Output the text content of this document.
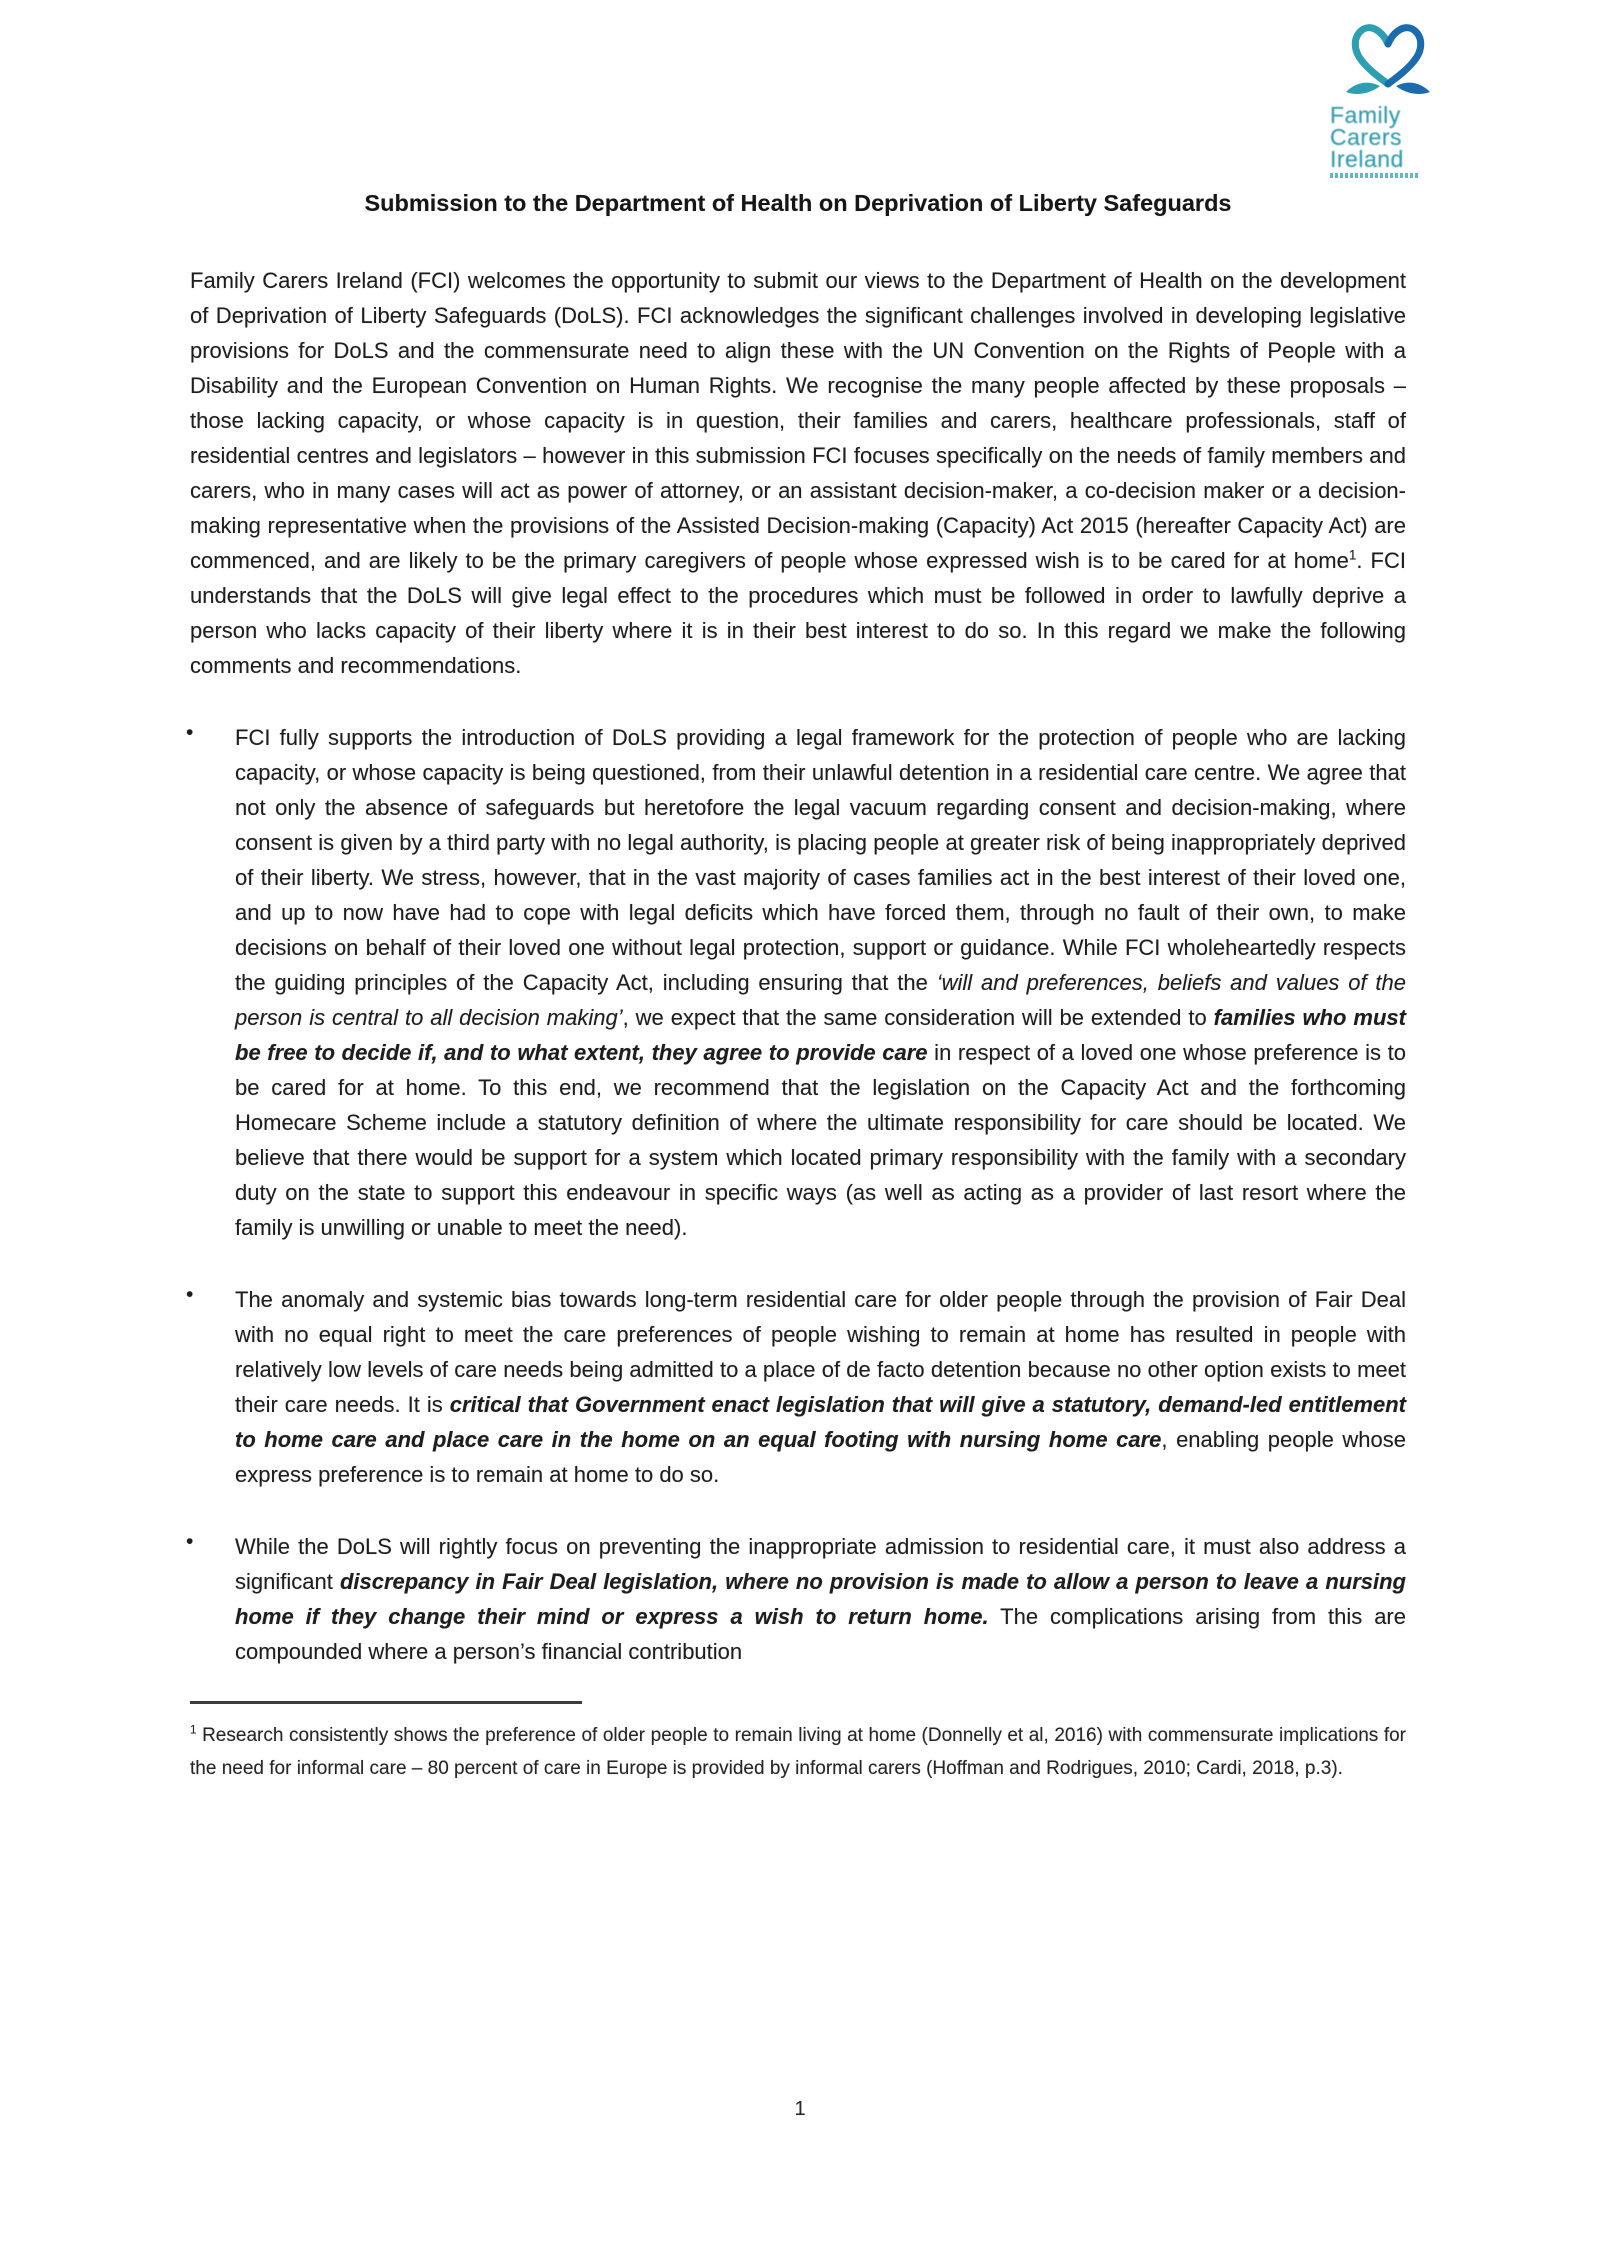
Family
Carers
Ireland
Submission to the Department of Health on Deprivation of Liberty Safeguards

Family Carers Ireland (FCI) welcomes the opportunity to submit our views to the Department of Health on the development of Deprivation of Liberty Safeguards (DoLS). FCI acknowledges the significant challenges involved in developing legislative provisions for DoLS and the commensurate need to align these with the UN Convention on the Rights of People with a Disability and the European Convention on Human Rights. We recognise the many people affected by these proposals – those lacking capacity, or whose capacity is in question, their families and carers, healthcare professionals, staff of residential centres and legislators – however in this submission FCI focuses specifically on the needs of family members and carers, who in many cases will act as power of attorney, or an assistant decision-maker, a co-decision maker or a decision-making representative when the provisions of the Assisted Decision-making (Capacity) Act 2015 (hereafter Capacity Act) are commenced, and are likely to be the primary caregivers of people whose expressed wish is to be cared for at home$^1$. FCI understands that the DoLS will give legal effect to the procedures which must be followed in order to lawfully deprive a person who lacks capacity of their liberty where it is in their best interest to do so. In this regard we make the following comments and recommendations.

• FCI fully supports the introduction of DoLS providing a legal framework for the protection of people who are lacking capacity, or whose capacity is being questioned, from their unlawful detention in a residential care centre. We agree that not only the absence of safeguards but heretofore the legal vacuum regarding consent and decision-making, where consent is given by a third party with no legal authority, is placing people at greater risk of being inappropriately deprived of their liberty. We stress, however, that in the vast majority of cases families act in the best interest of their loved one, and up to now have had to cope with legal deficits which have forced them, through no fault of their own, to make decisions on behalf of their loved one without legal protection, support or guidance. While FCI wholeheartedly respects the guiding principles of the Capacity Act, including ensuring that the ‘will and preferences, beliefs and values of the person is central to all decision making’, we expect that the same consideration will be extended to families who must be free to decide if, and to what extent, they agree to provide care in respect of a loved one whose preference is to be cared for at home. To this end, we recommend that the legislation on the Capacity Act and the forthcoming Homecare Scheme include a statutory definition of where the ultimate responsibility for care should be located. We believe that there would be support for a system which located primary responsibility with the family with a secondary duty on the state to support this endeavour in specific ways (as well as acting as a provider of last resort where the family is unwilling or unable to meet the need).

• The anomaly and systemic bias towards long-term residential care for older people through the provision of Fair Deal with no equal right to meet the care preferences of people wishing to remain at home has resulted in people with relatively low levels of care needs being admitted to a place of de facto detention because no other option exists to meet their care needs. It is critical that Government enact legislation that will give a statutory, demand-led entitlement to home care and place care in the home on an equal footing with nursing home care, enabling people whose express preference is to remain at home to do so.

• While the DoLS will rightly focus on preventing the inappropriate admission to residential care, it must also address a significant discrepancy in Fair Deal legislation, where no provision is made to allow a person to leave a nursing home if they change their mind or express a wish to return home. The complications arising from this are compounded where a person’s financial contribution

$^1$ Research consistently shows the preference of older people to remain living at home (Donnelly et al, 2016) with commensurate implications for the need for informal care – 80 percent of care in Europe is provided by informal carers (Hoffman and Rodrigues, 2010; Cardi, 2018, p.3).

1
